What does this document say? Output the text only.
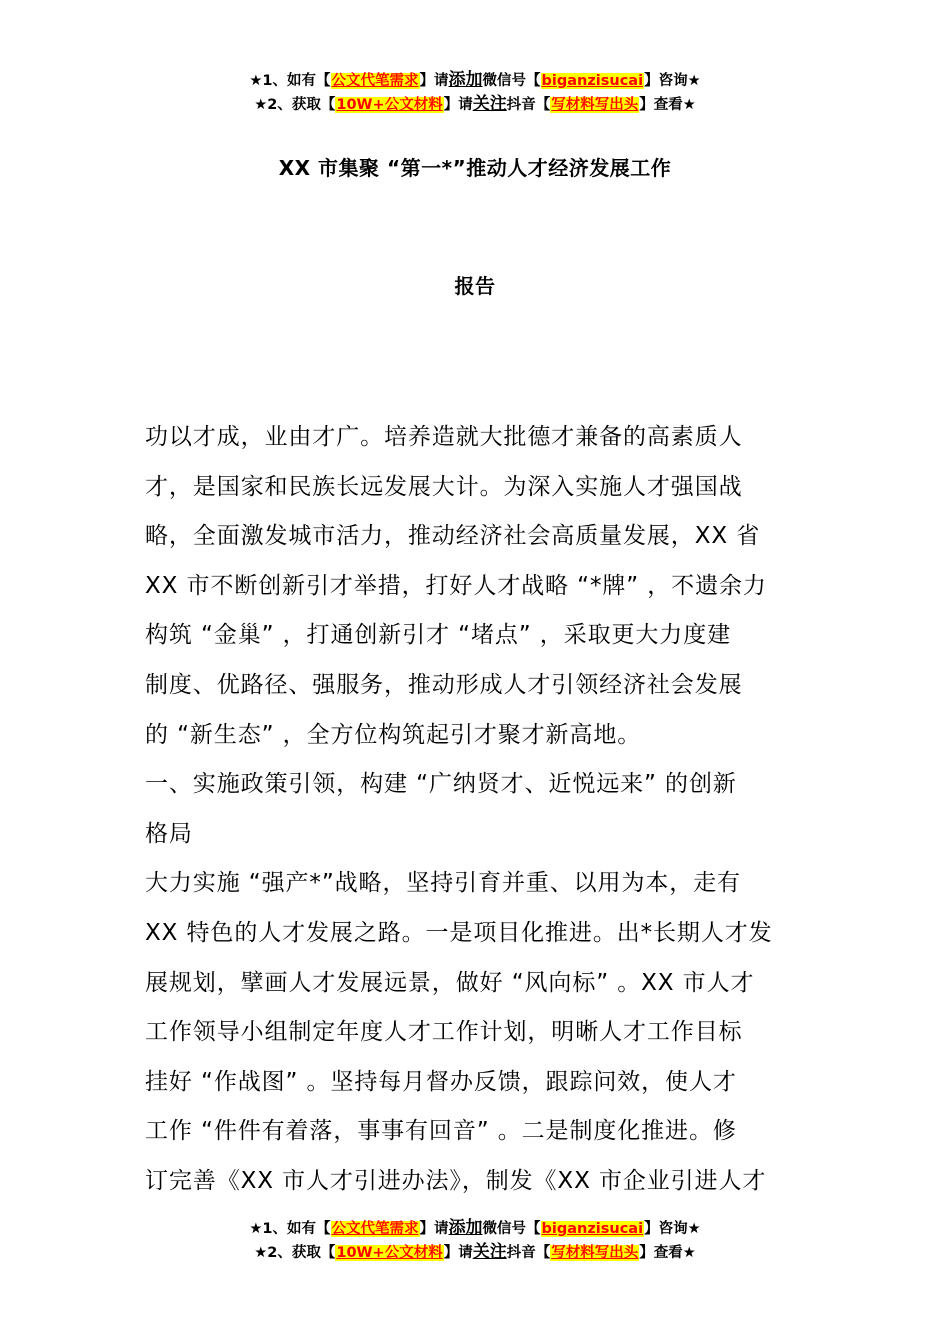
★1、如有【公文代笔需求】请添加微信号【biganzisucai】咨询★
★2、获取【10W+公文材料】请关注抖音【写材料写出头】查看★
XX 市集聚 “第一*”推动人才经济发展工作
报告
功以才成，业由才广。培养造就大批德才兼备的高素质人
才，是国家和民族长远发展大计。为深入实施人才强国战
略，全面激发城市活力，推动经济社会高质量发展，XX 省
XX 市不断创新引才举措，打好人才战略 “*牌” ，不遗余力
构筑 “金巢” ，打通创新引才 “堵点” ，采取更大力度建
制度、优路径、强服务，推动形成人才引领经济社会发展
的 “新生态” ，全方位构筑起引才聚才新高地。
一、实施政策引领，构建 “广纳贤才、近悦远来” 的创新
格局
大力实施 “强产*”战略，坚持引育并重、以用为本，走有
XX 特色的人才发展之路。一是项目化推进。出*长期人才发
展规划，擘画人才发展远景，做好 “风向标” 。XX 市人才
工作领导小组制定年度人才工作计划，明晰人才工作目标
挂好 “作战图” 。坚持每月督办反馈，跟踪问效，使人才
工作 “件件有着落，事事有回音” 。二是制度化推进。修
订完善《XX 市人才引进办法》，制发《XX 市企业引进人才
★1、如有【公文代笔需求】请添加微信号【biganzisucai】咨询★
★2、获取【10W+公文材料】请关注抖音【写材料写出头】查看★
